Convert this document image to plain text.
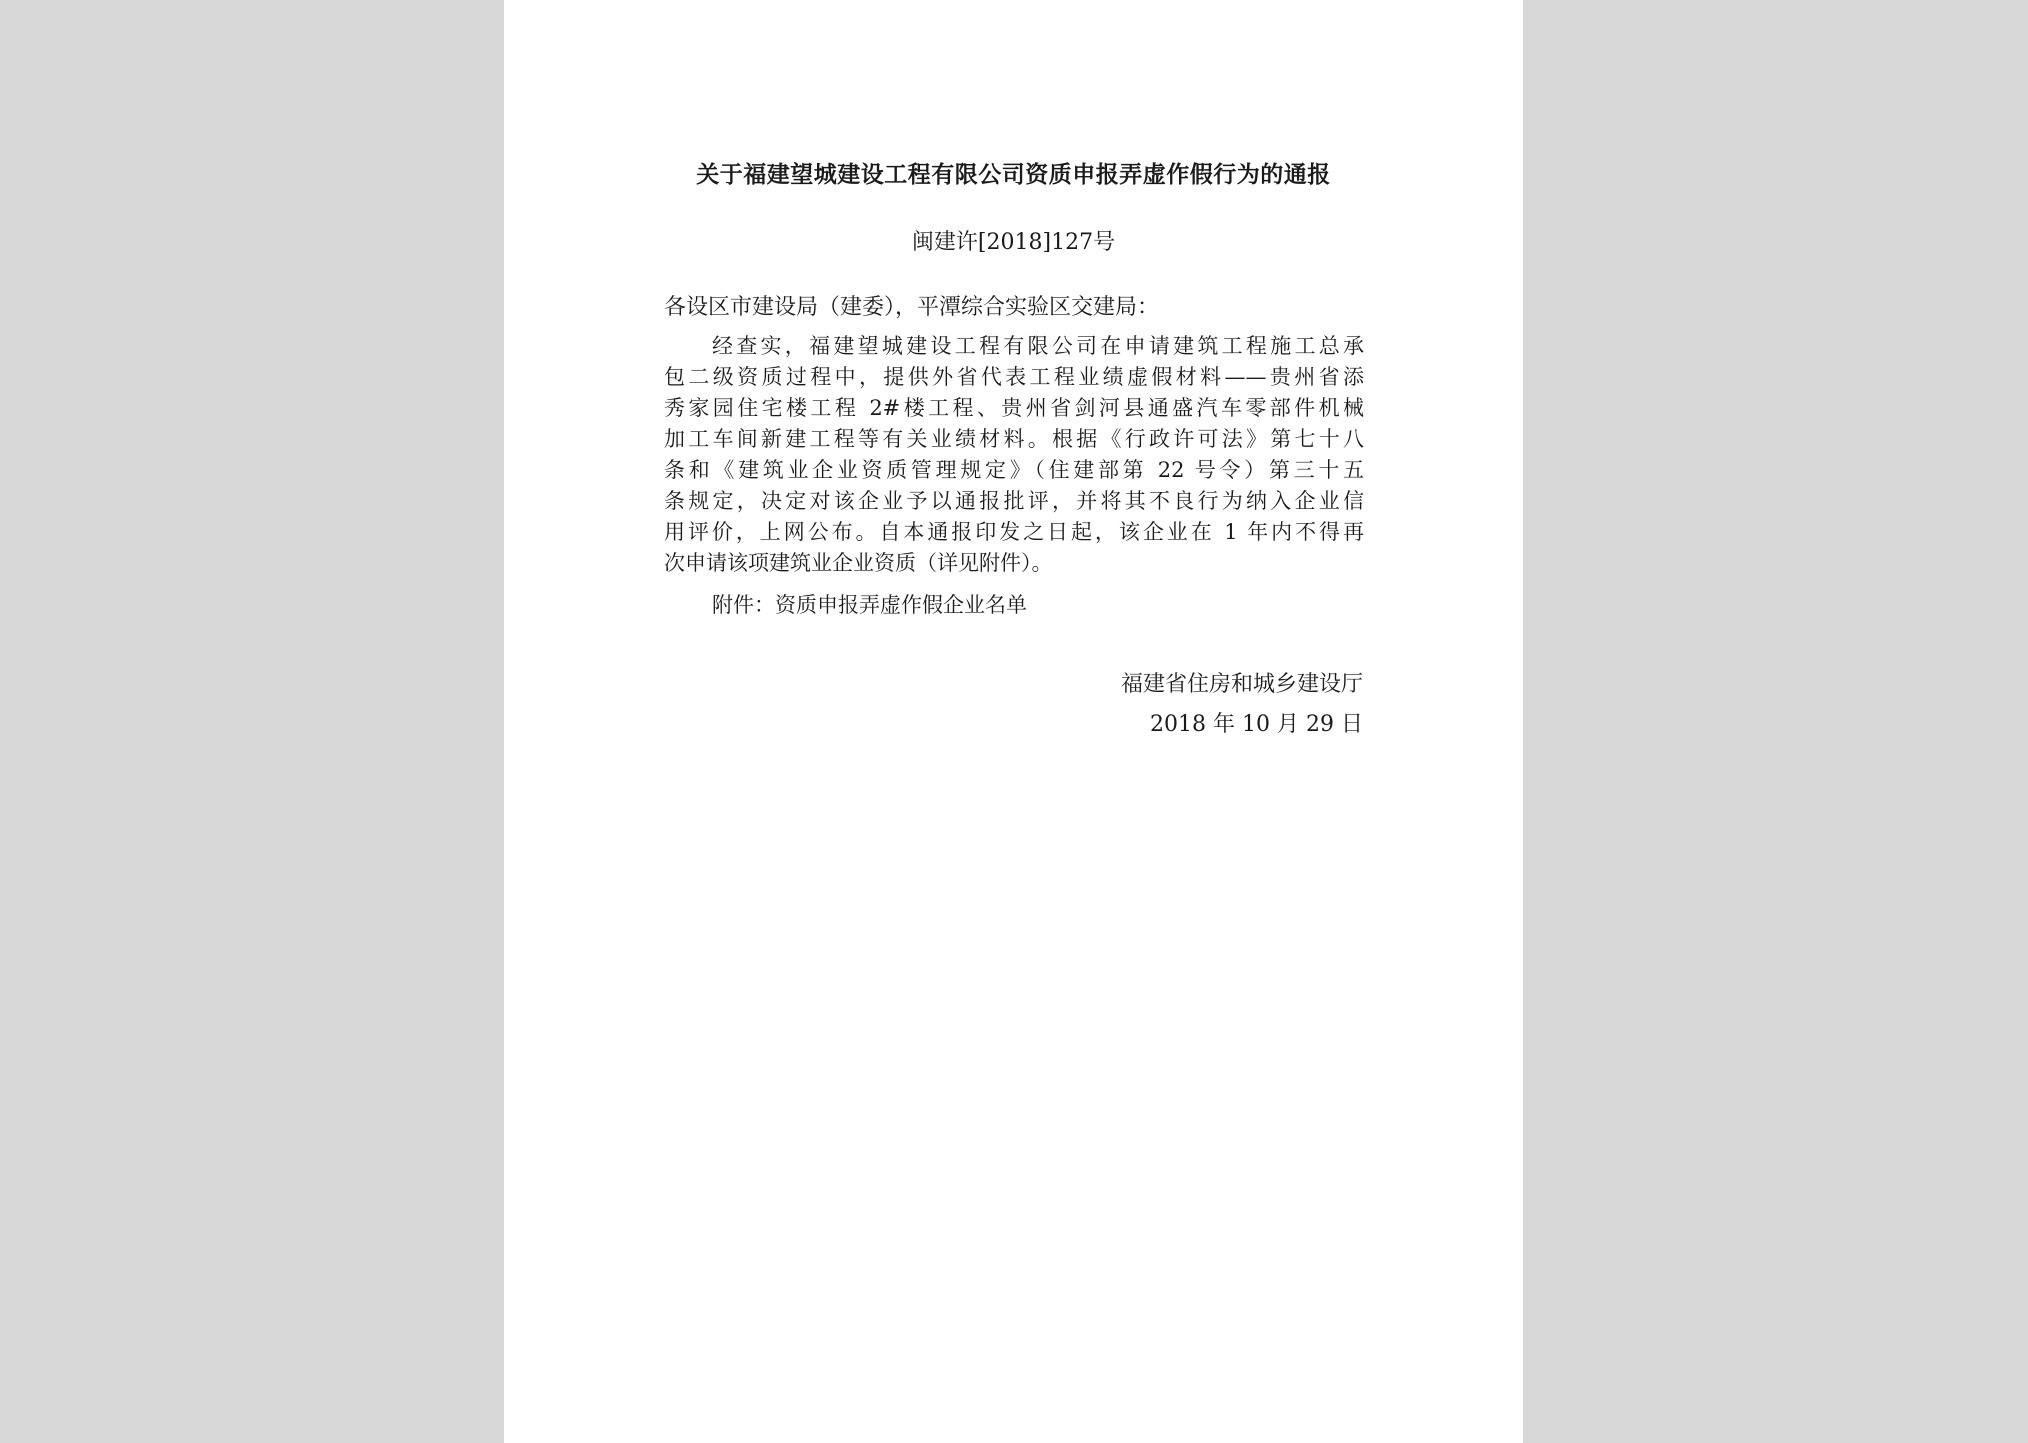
关于福建望城建设工程有限公司资质申报弄虚作假行为的通报
闽建许[2018]127号
各设区市建设局（建委），平潭综合实验区交建局：
经查实，福建望城建设工程有限公司在申请建筑工程施工总承
包二级资质过程中，提供外省代表工程业绩虚假材料——贵州省添
秀家园住宅楼工程 2#楼工程、贵州省剑河县通盛汽车零部件机械
加工车间新建工程等有关业绩材料。根据《行政许可法》第七十八
条和《建筑业企业资质管理规定》（住建部第 22 号令）第三十五
条规定，决定对该企业予以通报批评，并将其不良行为纳入企业信
用评价，上网公布。自本通报印发之日起，该企业在 1 年内不得再
次申请该项建筑业企业资质（详见附件）。
附件：资质申报弄虚作假企业名单
福建省住房和城乡建设厅
2018 年 10 月 29 日
